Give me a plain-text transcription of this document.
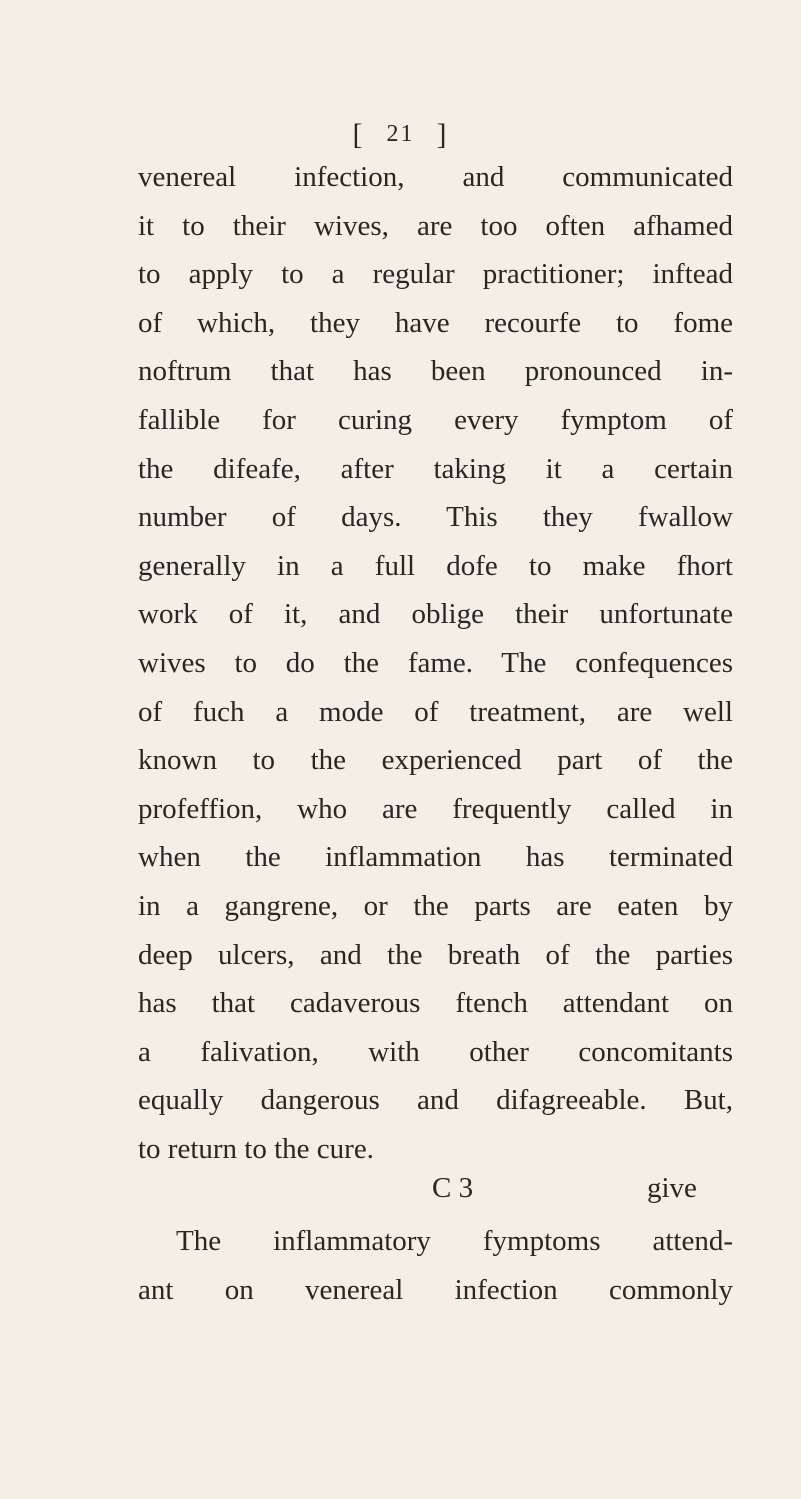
[ 21 ]
venereal infection, and communicated
it to their wives, are too often afhamed
to apply to a regular practitioner; inftead
of which, they have recourfe to fome
noftrum that has been pronounced in-
fallible for curing every fymptom of
the difeafe, after taking it a certain
number of days. This they fwallow
generally in a full dofe to make fhort
work of it, and oblige their unfortunate
wives to do the fame. The confequences
of fuch a mode of treatment, are well
known to the experienced part of the
profeffion, who are frequently called in
when the inflammation has terminated
in a gangrene, or the parts are eaten by
deep ulcers, and the breath of the parties
has that cadaverous ftench attendant on
a falivation, with other concomitants
equally dangerous and difagreeable. But,
to return to the cure.
The inflammatory fymptoms attend-
ant on venereal infection commonly
C 3	give
